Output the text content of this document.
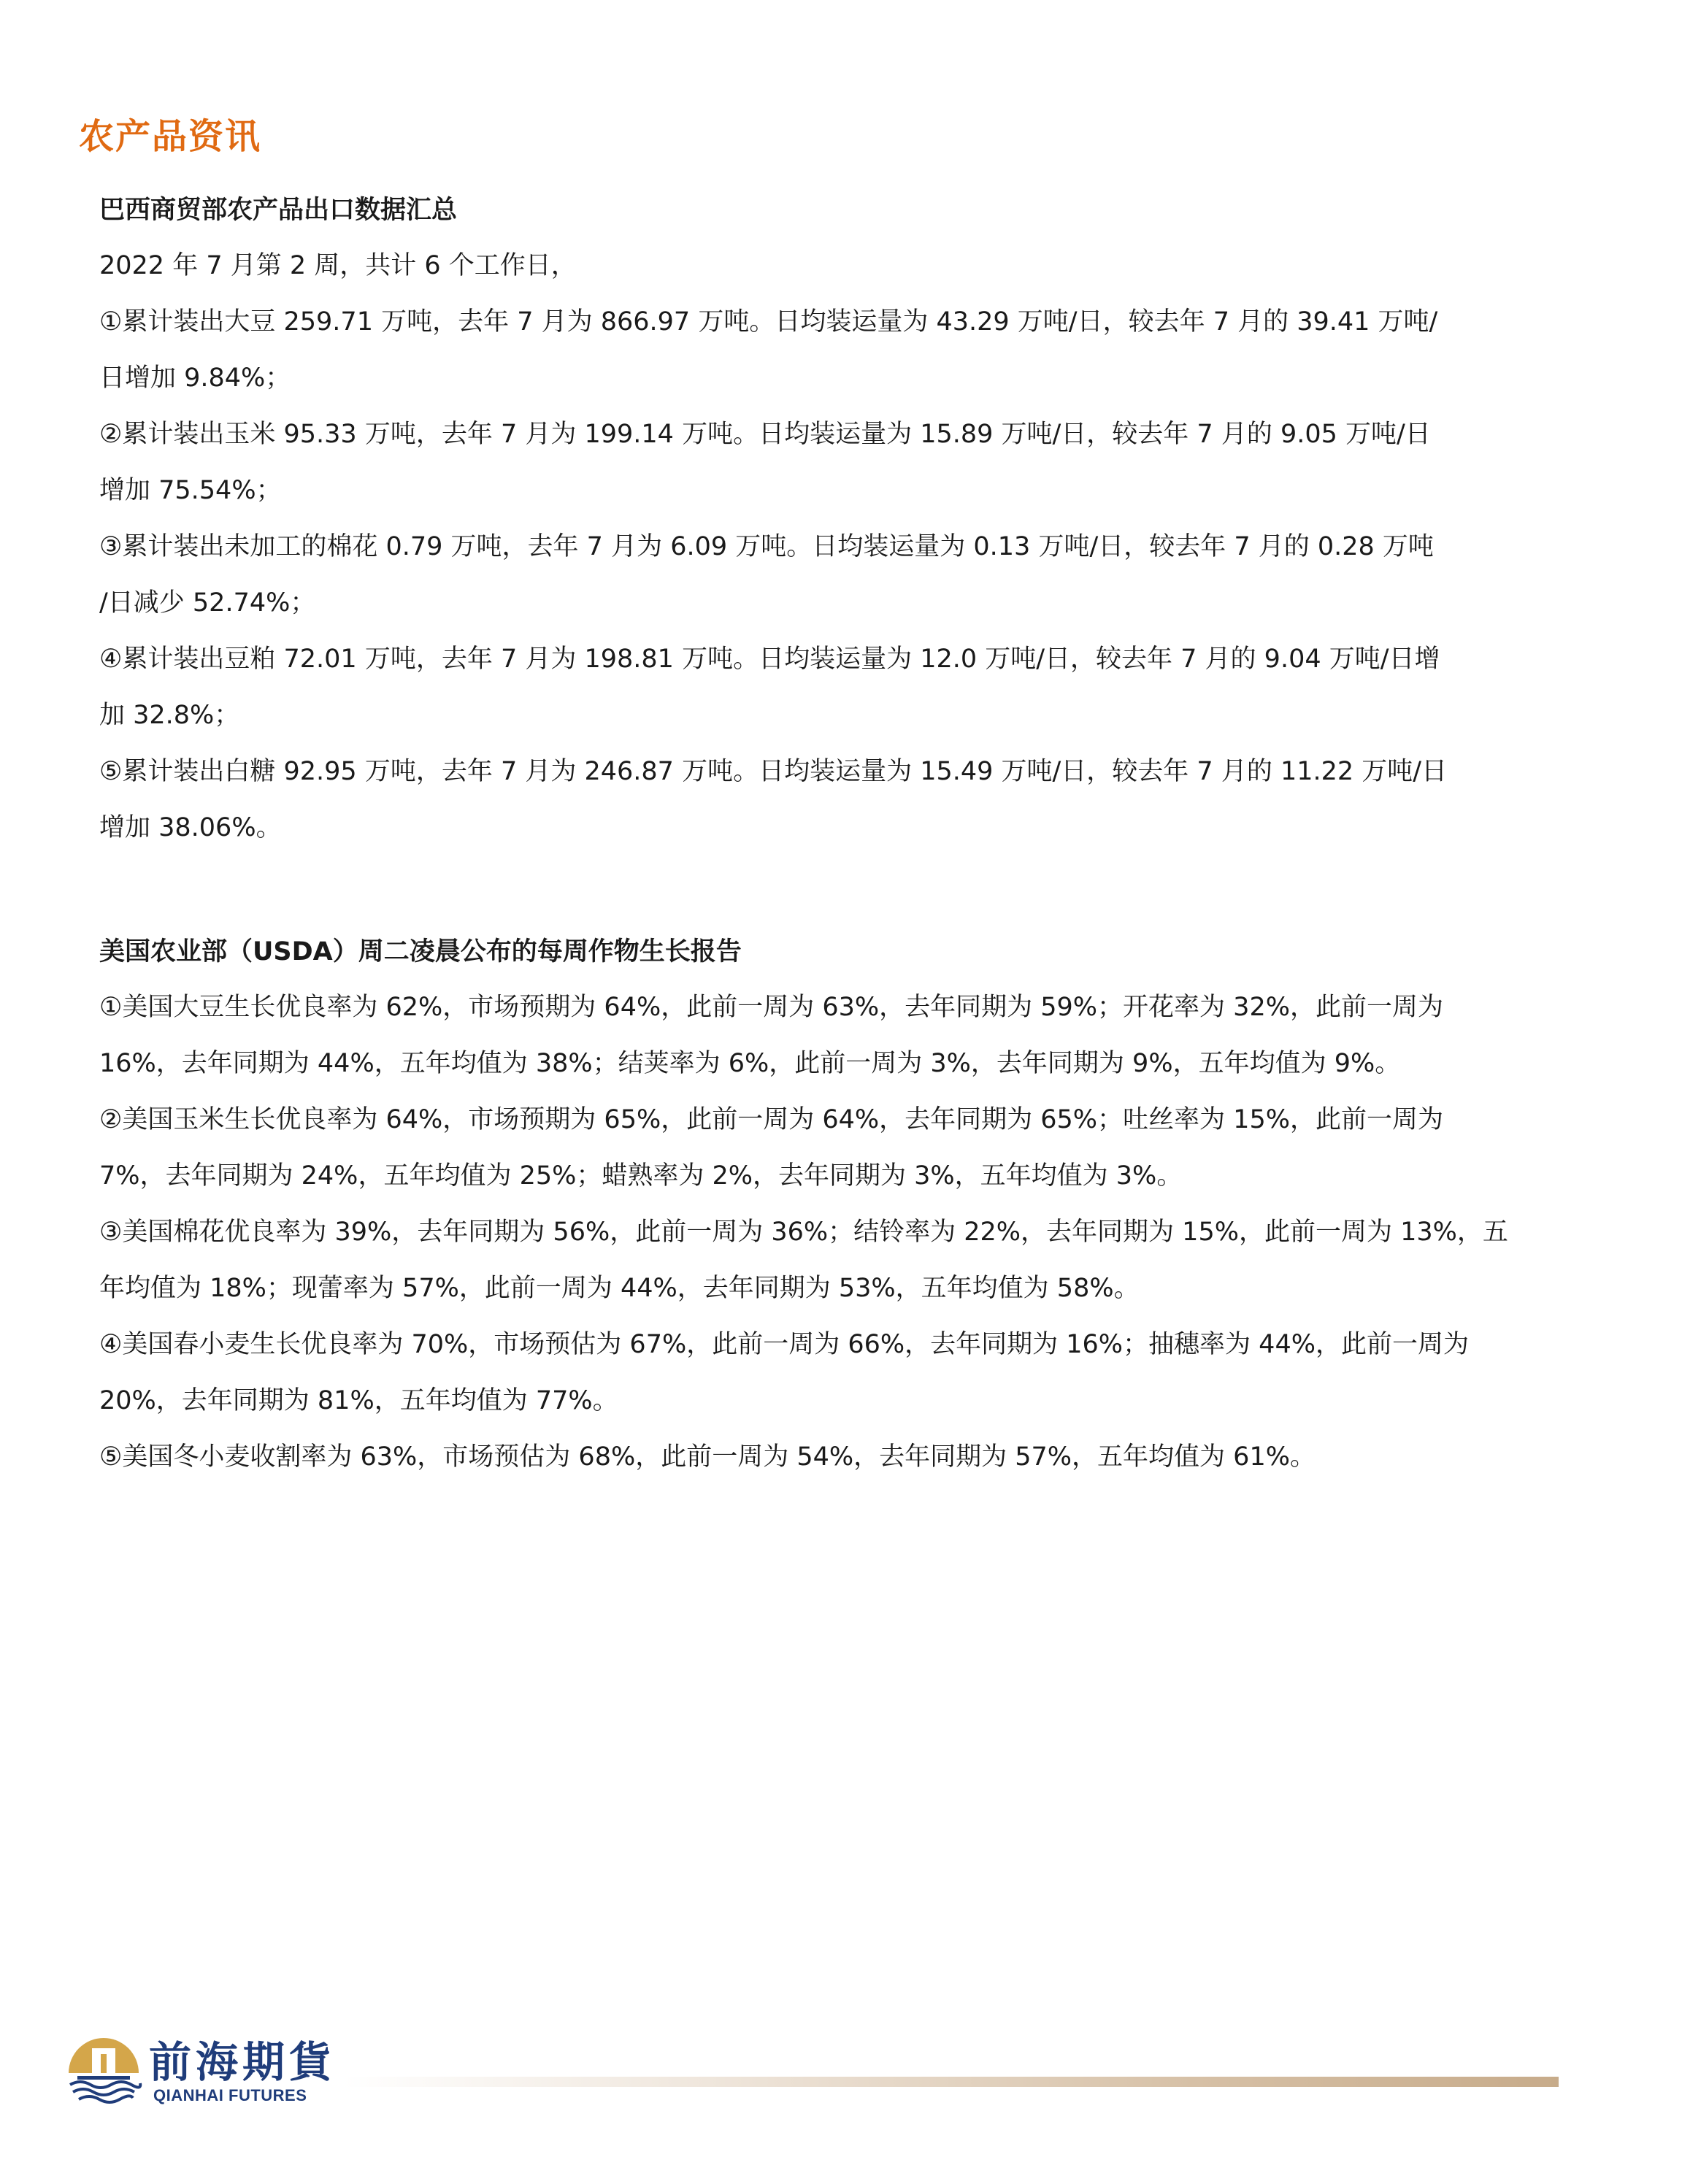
农产品资讯
巴西商贸部农产品出口数据汇总

2022 年 7 月第 2 周，共计 6 个工作日，

①累计装出大豆 259.71 万吨，去年 7 月为 866.97 万吨。日均装运量为 43.29 万吨/日，较去年 7 月的 39.41 万吨/

日增加 9.84%；

②累计装出玉米 95.33 万吨，去年 7 月为 199.14 万吨。日均装运量为 15.89 万吨/日，较去年 7 月的 9.05 万吨/日

增加 75.54%；

③累计装出未加工的棉花 0.79 万吨，去年 7 月为 6.09 万吨。日均装运量为 0.13 万吨/日，较去年 7 月的 0.28 万吨

/日减少 52.74%；

④累计装出豆粕 72.01 万吨，去年 7 月为 198.81 万吨。日均装运量为 12.0 万吨/日，较去年 7 月的 9.04 万吨/日增

加 32.8%；

⑤累计装出白糖 92.95 万吨，去年 7 月为 246.87 万吨。日均装运量为 15.49 万吨/日，较去年 7 月的 11.22 万吨/日

增加 38.06%。

美国农业部（USDA）周二凌晨公布的每周作物生长报告

①美国大豆生长优良率为 62%，市场预期为 64%，此前一周为 63%，去年同期为 59%；开花率为 32%，此前一周为

16%，去年同期为 44%，五年均值为 38%；结荚率为 6%，此前一周为 3%，去年同期为 9%，五年均值为 9%。

②美国玉米生长优良率为 64%，市场预期为 65%，此前一周为 64%，去年同期为 65%；吐丝率为 15%，此前一周为

7%，去年同期为 24%，五年均值为 25%；蜡熟率为 2%，去年同期为 3%，五年均值为 3%。

③美国棉花优良率为 39%，去年同期为 56%，此前一周为 36%；结铃率为 22%，去年同期为 15%，此前一周为 13%，五

年均值为 18%；现蕾率为 57%，此前一周为 44%，去年同期为 53%，五年均值为 58%。

④美国春小麦生长优良率为 70%，市场预估为 67%，此前一周为 66%，去年同期为 16%；抽穗率为 44%，此前一周为

20%，去年同期为 81%，五年均值为 77%。

⑤美国冬小麦收割率为 63%，市场预估为 68%，此前一周为 54%，去年同期为 57%，五年均值为 61%。

前海期貨
QIANHAI FUTURES
